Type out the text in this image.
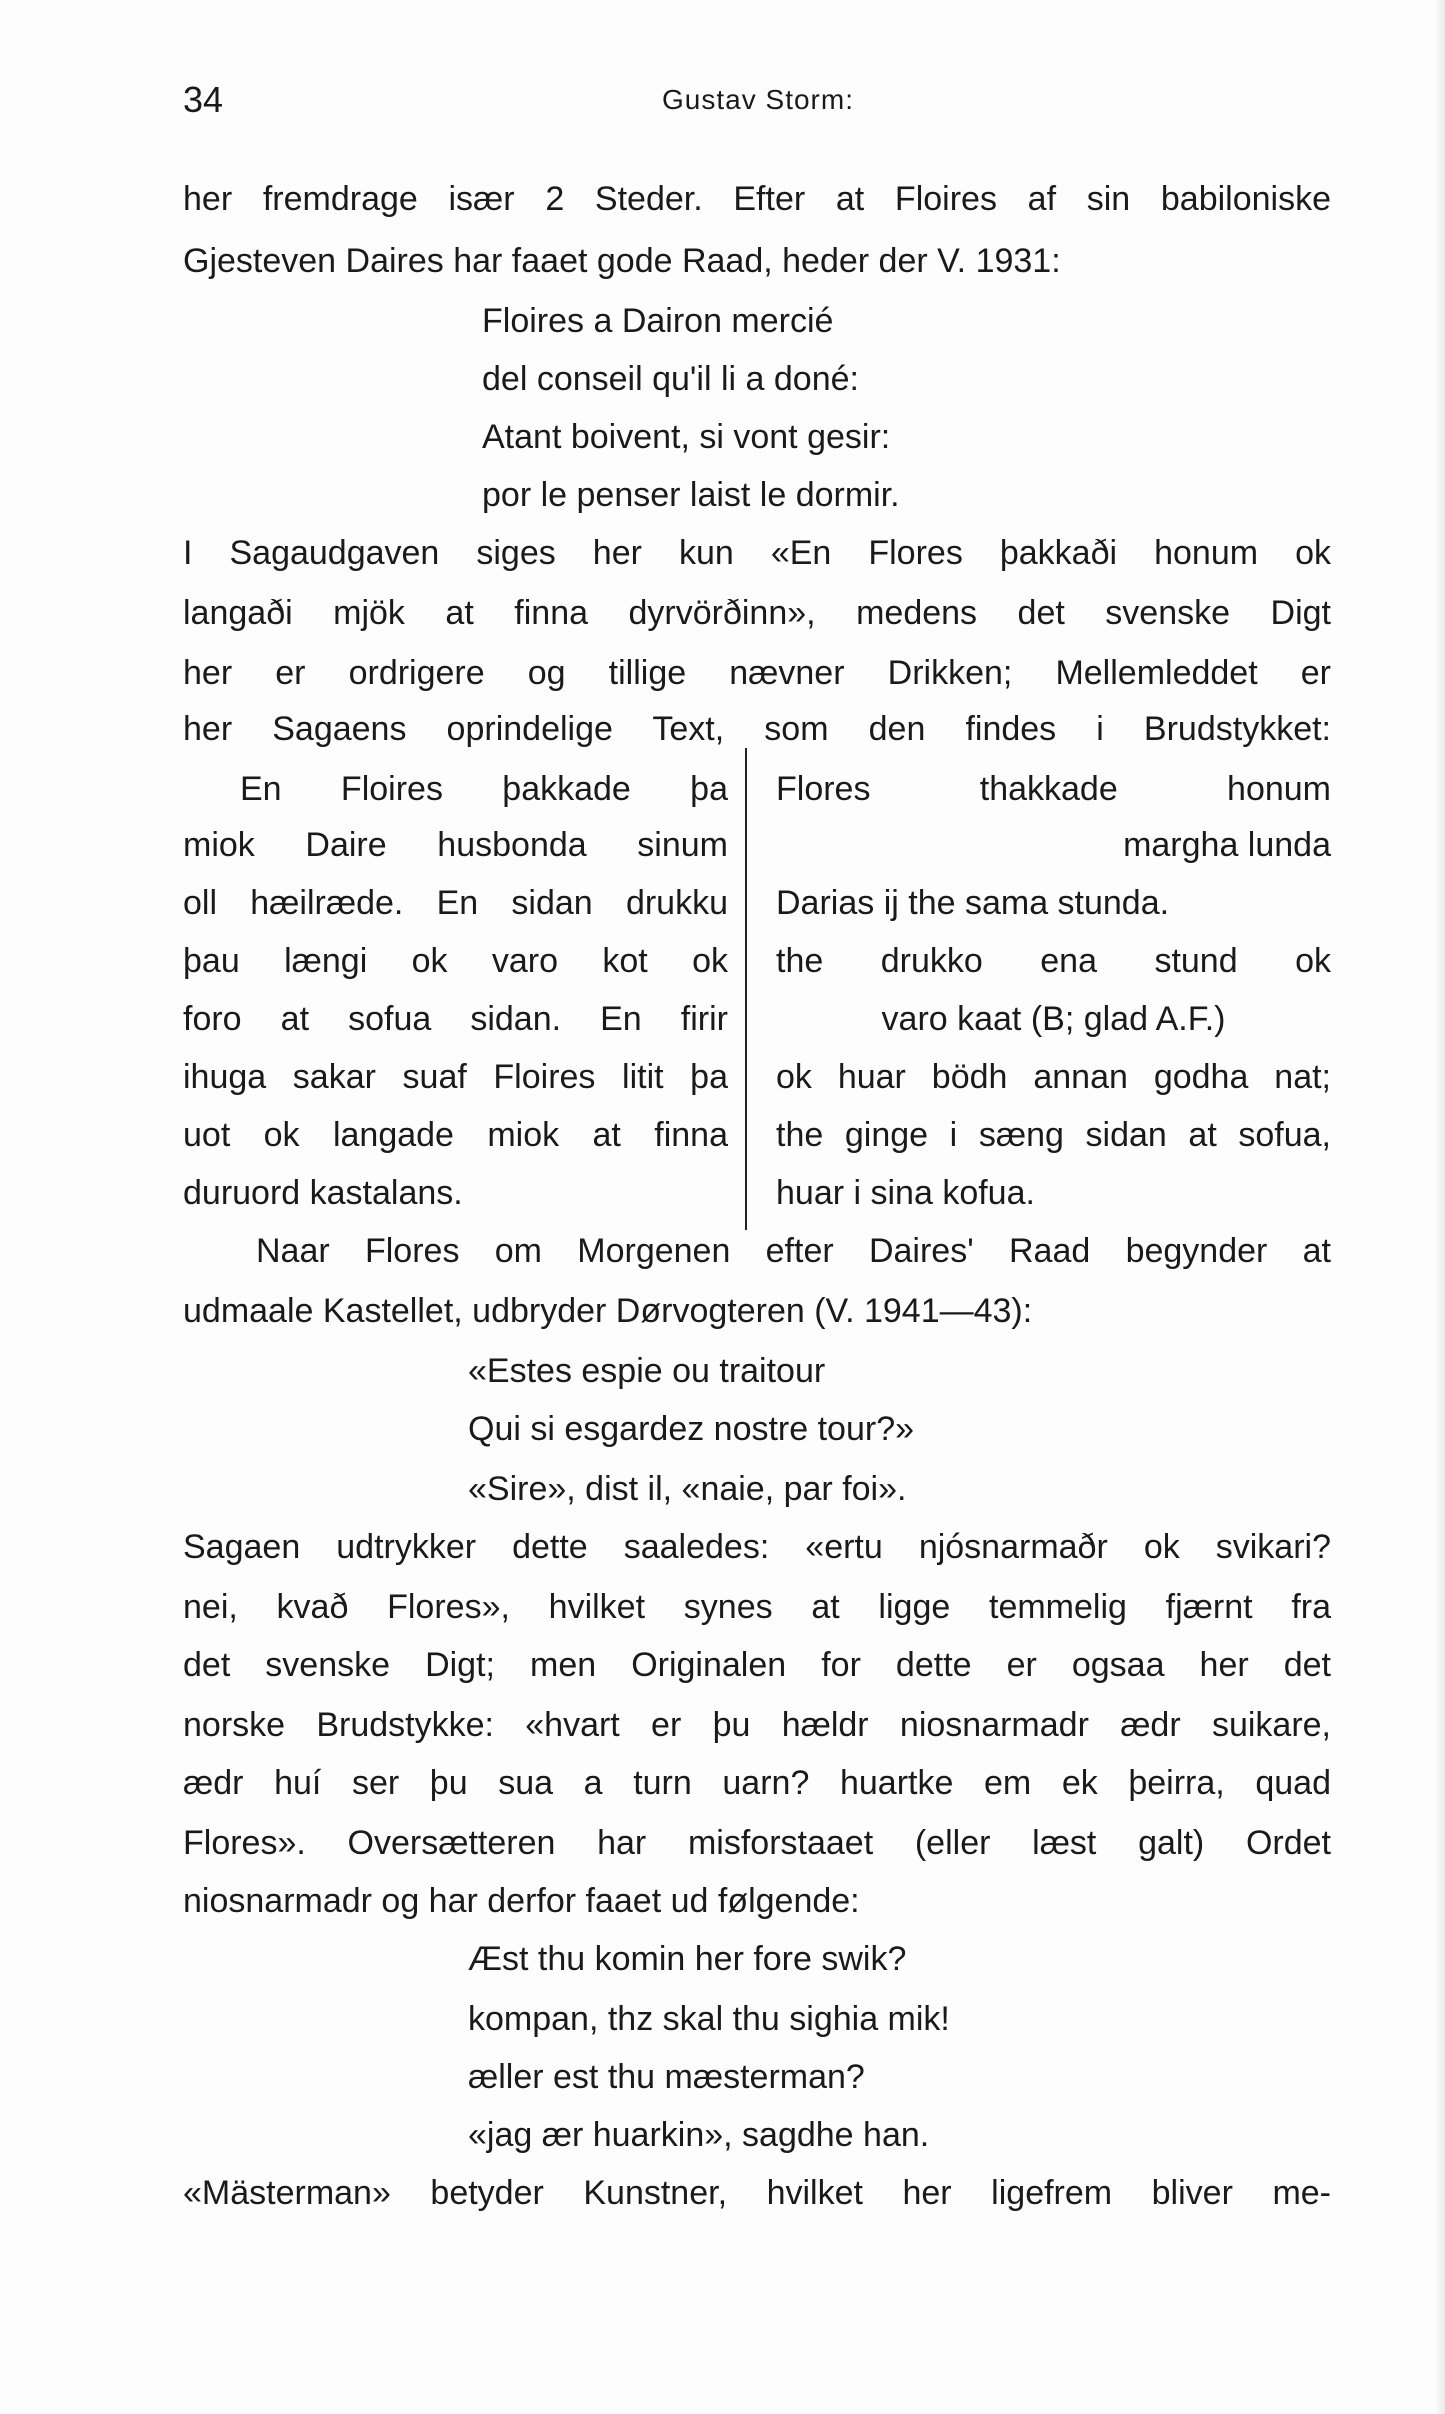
34	Gustav Storm:
her fremdrage især 2 Steder. Efter at Floires af sin babiloniske
Gjesteven Daires har faaet gode Raad, heder der V. 1931:
Floires a Dairon mercié
del conseil qu'il li a doné:
Atant boivent, si vont gesir:
por le penser laist le dormir.
I Sagaudgaven siges her kun «En Flores þakkaði honum ok
langaði mjök at finna dyrvörðinn», medens det svenske Digt
her er ordrigere og tillige nævner Drikken; Mellemleddet er
her Sagaens oprindelige Text, som den findes i Brudstykket:
En Floires þakkade þa
miok Daire husbonda sinum
oll hæilræde. En sidan drukku
þau længi ok varo kot ok
foro at sofua sidan. En firir
ihuga sakar suaf Floires litit þa
uot ok langade miok at finna
duruord kastalans.
Flores thakkade honum
margha lunda
Darias ij the sama stunda.
the drukko ena stund ok
varo kaat (B; glad A.F.)
ok huar bödh annan godha nat;
the ginge i sæng sidan at sofua,
huar i sina kofua.
Naar Flores om Morgenen efter Daires' Raad begynder at
udmaale Kastellet, udbryder Dørvogteren (V. 1941—43):
«Estes espie ou traitour
Qui si esgardez nostre tour?»
«Sire», dist il, «naie, par foi».
Sagaen udtrykker dette saaledes: «ertu njósnarmaðr ok svikari?
nei, kvað Flores», hvilket synes at ligge temmelig fjærnt fra
det svenske Digt; men Originalen for dette er ogsaa her det
norske Brudstykke: «hvart er þu hældr niosnarmadr ædr suikare,
ædr huí ser þu sua a turn uarn? huartke em ek þeirra, quad
Flores». Oversætteren har misforstaaet (eller læst galt) Ordet
niosnarmadr og har derfor faaet ud følgende:
Æst thu komin her fore swik?
kompan, thz skal thu sighia mik!
æller est thu mæsterman?
«jag ær huarkin», sagdhe han.
«Mästerman» betyder Kunstner, hvilket her ligefrem bliver me-
